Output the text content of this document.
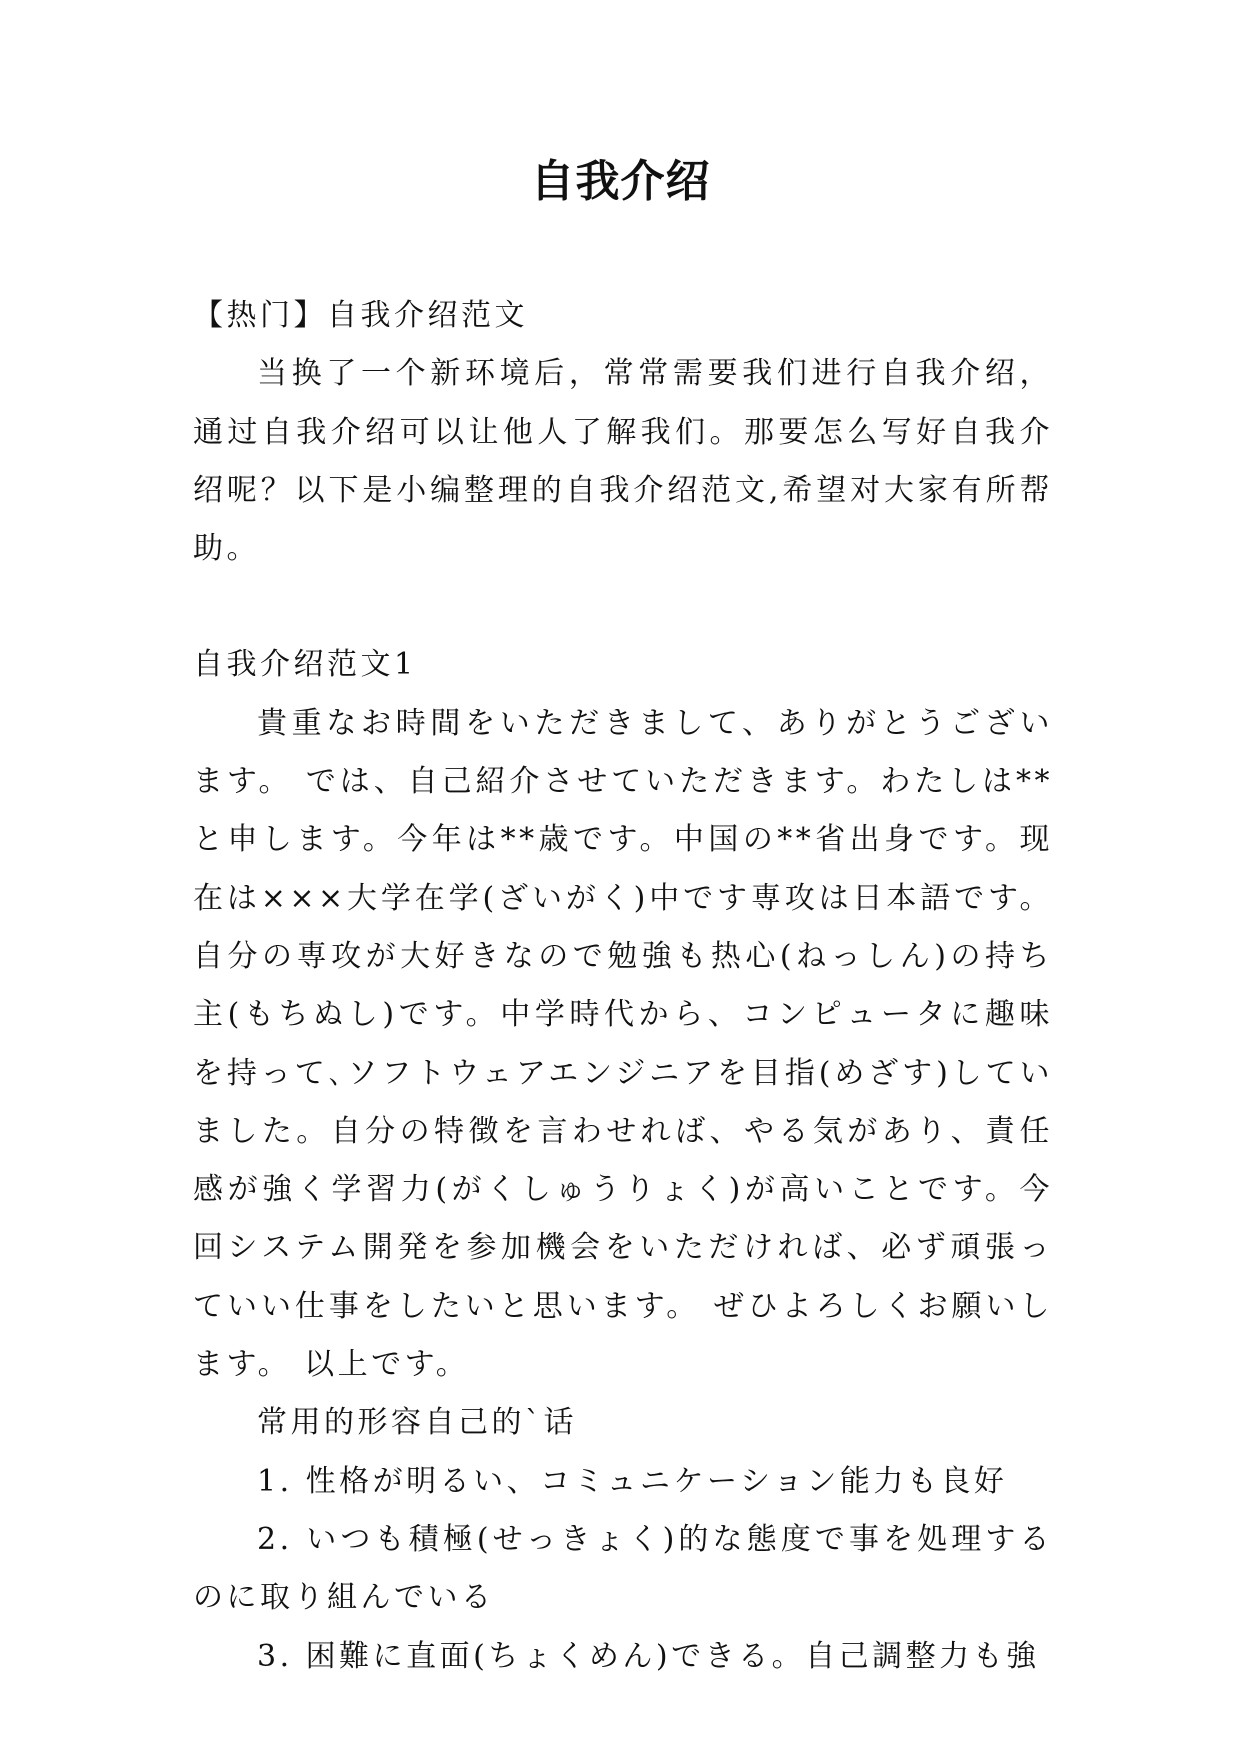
自我介绍

【热门】自我介绍范文

当换了一个新环境后，常常需要我们进行自我介绍，通过自我介绍可以让他人了解我们。那要怎么写好自我介绍呢？以下是小编整理的自我介绍范文,希望对大家有所帮助。

自我介绍范文1

貴重なお時間をいただきまして、ありがとうございます。 では、自己紹介させていただきます。わたしは**と申します。今年は**歳です。中国の**省出身です。现在は×××大学在学(ざいがく)中です専攻は日本語です。自分の専攻が大好きなので勉強も热心(ねっしん)の持ち主(もちぬし)です。中学時代から、コンピュータに趣味を持って､ソフトウェアエンジニアを目指(めざす)していました。自分の特徴を言わせれば、やる気があり、責任感が強く学習力(がくしゅうりょく)が高いことです。今回システム開発を参加機会をいただければ、必ず頑張っていい仕事をしたいと思います。 ぜひよろしくお願いします。 以上です。

常用的形容自己的`话

1. 性格が明るい、コミュニケーション能力も良好

2. いつも積極(せっきょく)的な態度で事を処理するのに取り組んでいる

3. 困難に直面(ちょくめん)できる。自己調整力も強
